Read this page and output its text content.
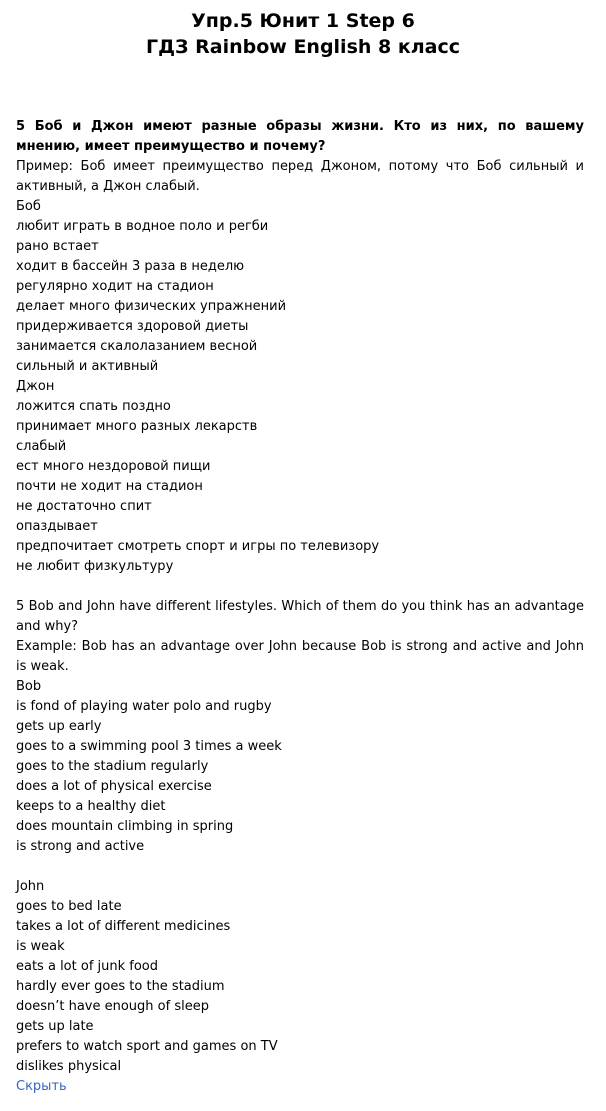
Упр.5 Юнит 1 Step 6

ГДЗ Rainbow English 8 класс

5 Боб и Джон имеют разные образы жизни. Кто из них, по вашему мнению, имеет преимущество и почему?

Пример: Боб имеет преимущество перед Джоном, потому что Боб сильный и активный, а Джон слабый.

Боб

любит играть в водное поло и регби

рано встает

ходит в бассейн 3 раза в неделю

регулярно ходит на стадион

делает много физических упражнений

придерживается здоровой диеты

занимается скалолазанием весной

сильный и активный

Джон

ложится спать поздно

принимает много разных лекарств

слабый

ест много нездоровой пищи

почти не ходит на стадион

не достаточно спит

опаздывает

предпочитает смотреть спорт и игры по телевизору

не любит физкультуру

5 Bob and John have different lifestyles. Which of them do you think has an advantage and why?

Example: Bob has an advantage over John because Bob is strong and active and John is weak.

Bob

is fond of playing water polo and rugby

gets up early

goes to a swimming pool 3 times a week

goes to the stadium regularly

does a lot of physical exercise

keeps to a healthy diet

does mountain climbing in spring

is strong and active

John

goes to bed late

takes a lot of different medicines

is weak

eats a lot of junk food

hardly ever goes to the stadium

doesn’t have enough of sleep

gets up late

prefers to watch sport and games on TV

dislikes physical

Скрыть
